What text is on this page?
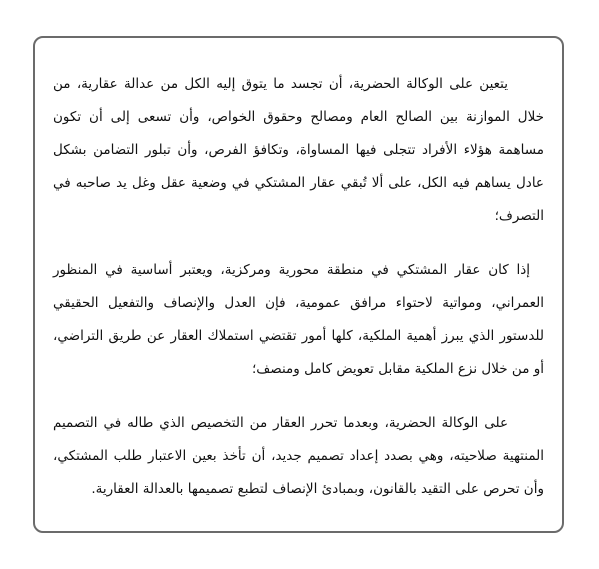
يتعين على الوكالة الحضرية، أن تجسد ما يتوق إليه الكل من عدالة عقارية، من خلال الموازنة بين الصالح العام ومصالح وحقوق الخواص، وأن تسعى إلى أن تكون مساهمة هؤلاء الأفراد تتجلى فيها المساواة، وتكافؤ الفرص، وأن تبلور التضامن بشكل عادل يساهم فيه الكل، على ألا تُبقي عقار المشتكي في وضعية عقل وغل يد صاحبه في التصرف؛

إذا كان عقار المشتكي في منطقة محورية ومركزية، ويعتبر أساسية في المنظور العمراني، ومواتية لاحتواء مرافق عمومية، فإن العدل والإنصاف والتفعيل الحقيقي للدستور الذي يبرز أهمية الملكية، كلها أمور تقتضي استملاك العقار عن طريق التراضي، أو من خلال نزع الملكية مقابل تعويض كامل ومنصف؛

على الوكالة الحضرية، وبعدما تحرر العقار من التخصيص الذي طاله في التصميم المنتهية صلاحيته، وهي بصدد إعداد تصميم جديد، أن تأخذ بعين الاعتبار طلب المشتكي، وأن تحرص على التقيد بالقانون، وبمبادئ الإنصاف لتطبع تصميمها بالعدالة العقارية.
